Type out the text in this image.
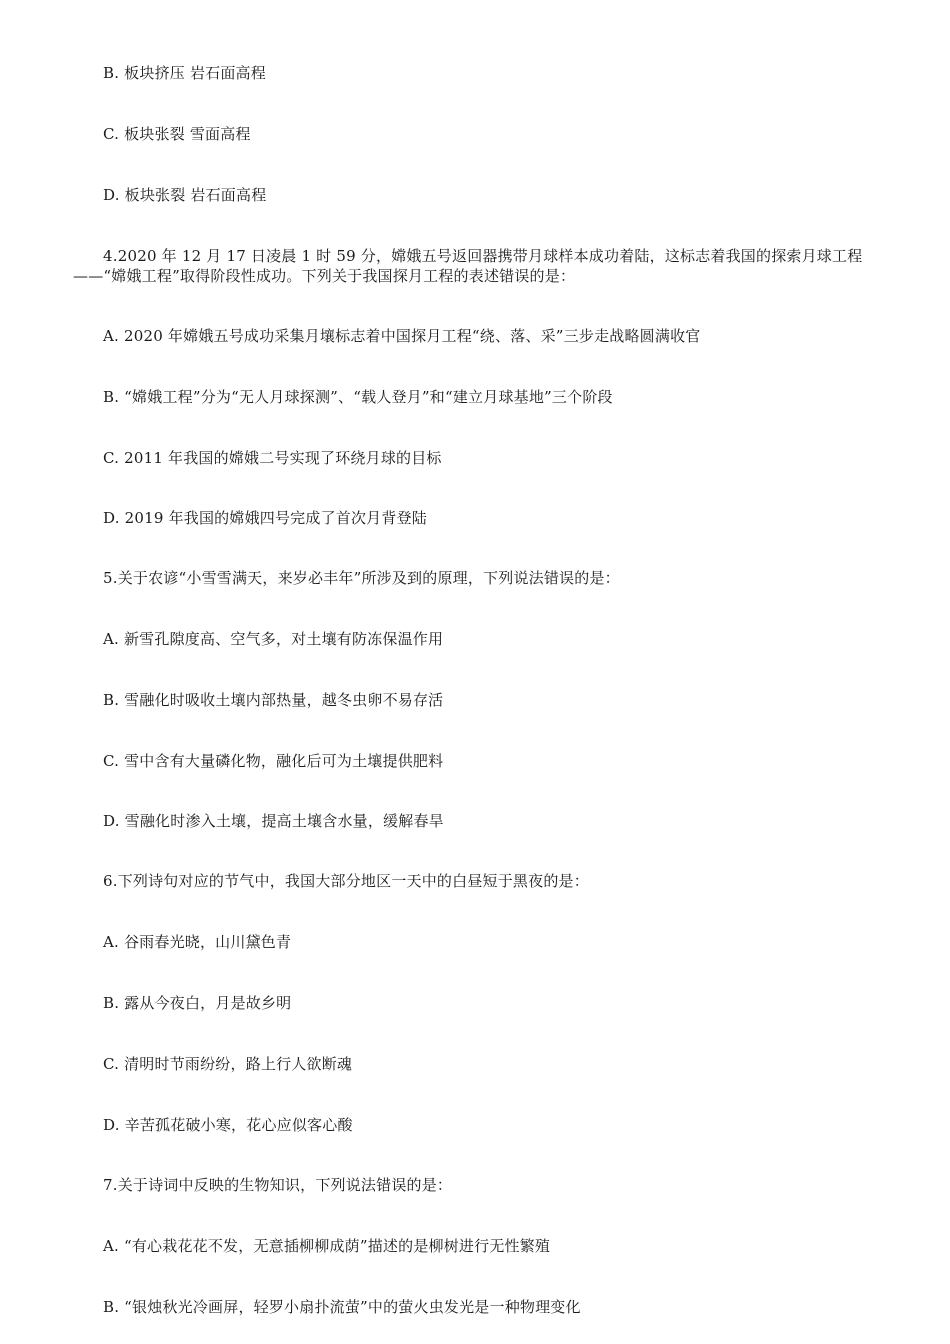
B. 板块挤压 岩石面高程
C. 板块张裂 雪面高程
D. 板块张裂 岩石面高程
4.2020 年 12 月 17 日凌晨 1 时 59 分，嫦娥五号返回器携带月球样本成功着陆，这标志着我国的探索月球工程——“嫦娥工程”取得阶段性成功。下列关于我国探月工程的表述错误的是：
A. 2020 年嫦娥五号成功采集月壤标志着中国探月工程“绕、落、采”三步走战略圆满收官
B. “嫦娥工程”分为“无人月球探测”、“载人登月”和“建立月球基地”三个阶段
C. 2011 年我国的嫦娥二号实现了环绕月球的目标
D. 2019 年我国的嫦娥四号完成了首次月背登陆
5.关于农谚“小雪雪满天，来岁必丰年”所涉及到的原理，下列说法错误的是：
A. 新雪孔隙度高、空气多，对土壤有防冻保温作用
B. 雪融化时吸收土壤内部热量，越冬虫卵不易存活
C. 雪中含有大量磷化物，融化后可为土壤提供肥料
D. 雪融化时渗入土壤，提高土壤含水量，缓解春旱
6.下列诗句对应的节气中，我国大部分地区一天中的白昼短于黑夜的是：
A. 谷雨春光晓，山川黛色青
B. 露从今夜白，月是故乡明
C. 清明时节雨纷纷，路上行人欲断魂
D. 辛苦孤花破小寒，花心应似客心酸
7.关于诗词中反映的生物知识，下列说法错误的是：
A. “有心栽花花不发，无意插柳柳成荫”描述的是柳树进行无性繁殖
B. “银烛秋光冷画屏，轻罗小扇扑流萤”中的萤火虫发光是一种物理变化
